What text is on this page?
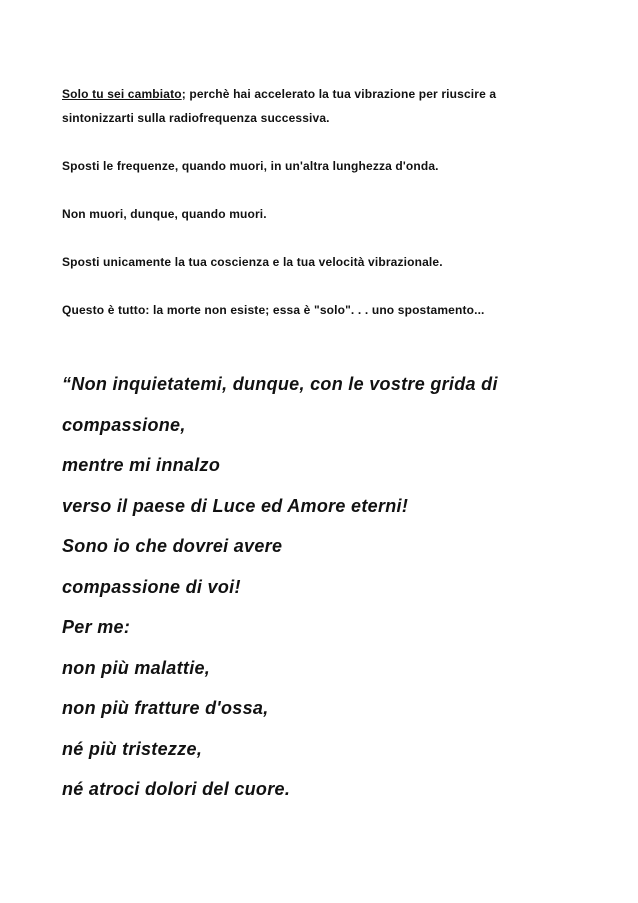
Solo tu sei cambiato; perchè hai accelerato la tua vibrazione per riuscire a
sintonizzarti sulla radiofrequenza successiva.

Sposti le frequenze, quando muori, in un'altra lunghezza d'onda.

Non muori, dunque, quando muori.

Sposti unicamente la tua coscienza e la tua velocità vibrazionale.

Questo è tutto: la morte non esiste; essa è "solo". . . uno spostamento...

“Non inquietatemi, dunque, con le vostre grida di
compassione,
mentre mi innalzo
verso il paese di Luce ed Amore eterni!
Sono io che dovrei avere
compassione di voi!
Per me:
non più malattie,
non più fratture d'ossa,
né più tristezze,
né atroci dolori del cuore.
